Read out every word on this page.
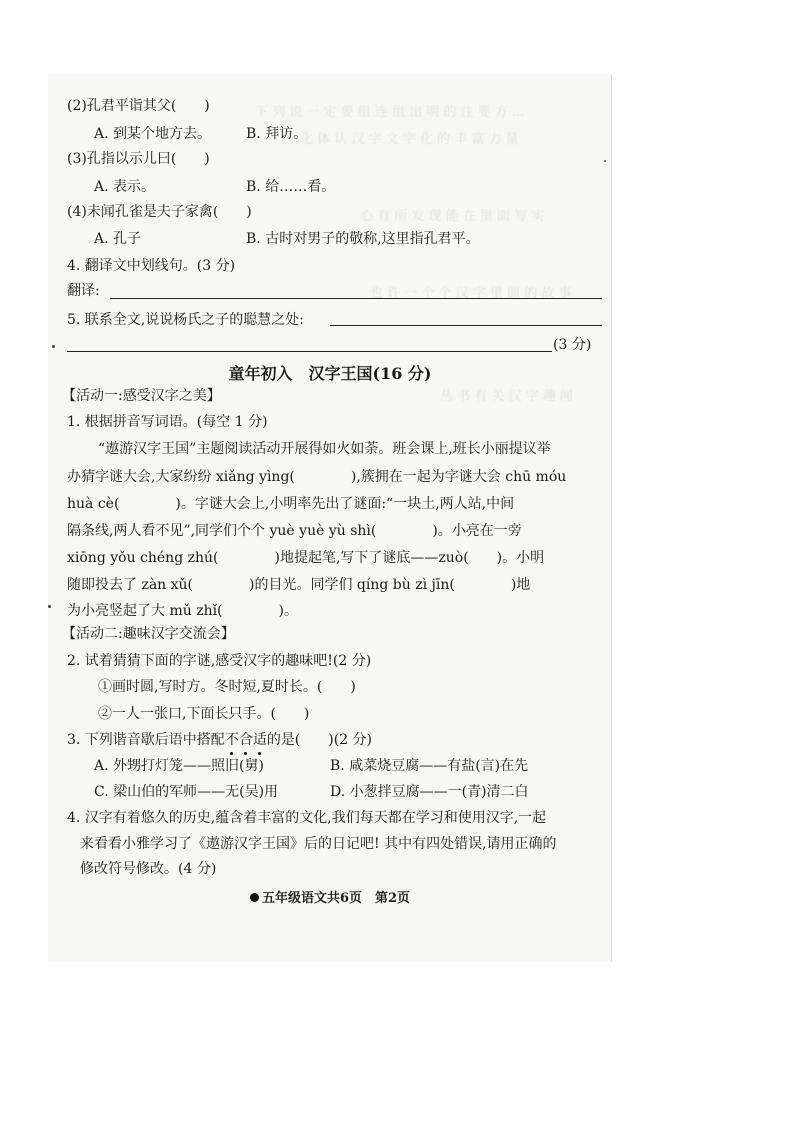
下 列 说 一 定 要 组 连 组 出 明 的 注 要 方 ...
化 体 认 汉 字 文 字 化 的 丰 富 力 量
心 有 所 发 现 能 在 里 面 写 实
也 许 一 个 个 汉 字 里 面 的 故 事
丛 书 有 关 汉 字 趣 闻
(2)孔君平诣其父(　　)
A. 到某个地方去。 B. 拜访。
(3)孔指以示儿曰(　　)
A. 表示。	B. 给……看。
(4)未闻孔雀是夫子家禽(　　)
A. 孔子	B. 古时对男子的敬称,这里指孔君平。
4. 翻译文中划线句。(3 分)
翻译:
5. 联系全文,说说杨氏之子的聪慧之处:
(3 分)
童年初入　汉字王国(16 分)
【活动一:感受汉字之美】
1. 根据拼音写词语。(每空 1 分)
“遨游汉字王国”主题阅读活动开展得如火如荼。班会课上,班长小丽提议举
办猜字谜大会,大家纷纷 xiǎng yìng(　　　　),簇拥在一起为字谜大会 chū móu
huà cè(　　　　)。字谜大会上,小明率先出了谜面:“一块土,两人站,中间
隔条线,两人看不见”,同学们个个 yuè yuè yù shì(　　　　)。小亮在一旁
xiōng yǒu chéng zhú(　　　　)地提起笔,写下了谜底——zuò(　　)。小明
随即投去了 zàn xǔ(　　　　)的目光。同学们 qíng bù zì jīn(　　　　)地
为小亮竖起了大 mǔ zhǐ(　　　　)。
【活动二:趣味汉字交流会】
2. 试着猜猜下面的字谜,感受汉字的趣味吧!(2 分)
①画时圆,写时方。冬时短,夏时长。(　　)
②一人一张口,下面长只手。(　　)
3. 下列谐音歇后语中搭配不合适的是(　　)(2 分)
A. 外甥打灯笼——照旧(舅)	B. 咸菜烧豆腐——有盐(言)在先
C. 梁山伯的军师——无(吴)用	D. 小葱拌豆腐——一(青)清二白
4. 汉字有着悠久的历史,蕴含着丰富的文化,我们每天都在学习和使用汉字,一起
来看看小雅学习了《遨游汉字王国》后的日记吧! 其中有四处错误,请用正确的
修改符号修改。(4 分)
五年级语文共6页　第2页
